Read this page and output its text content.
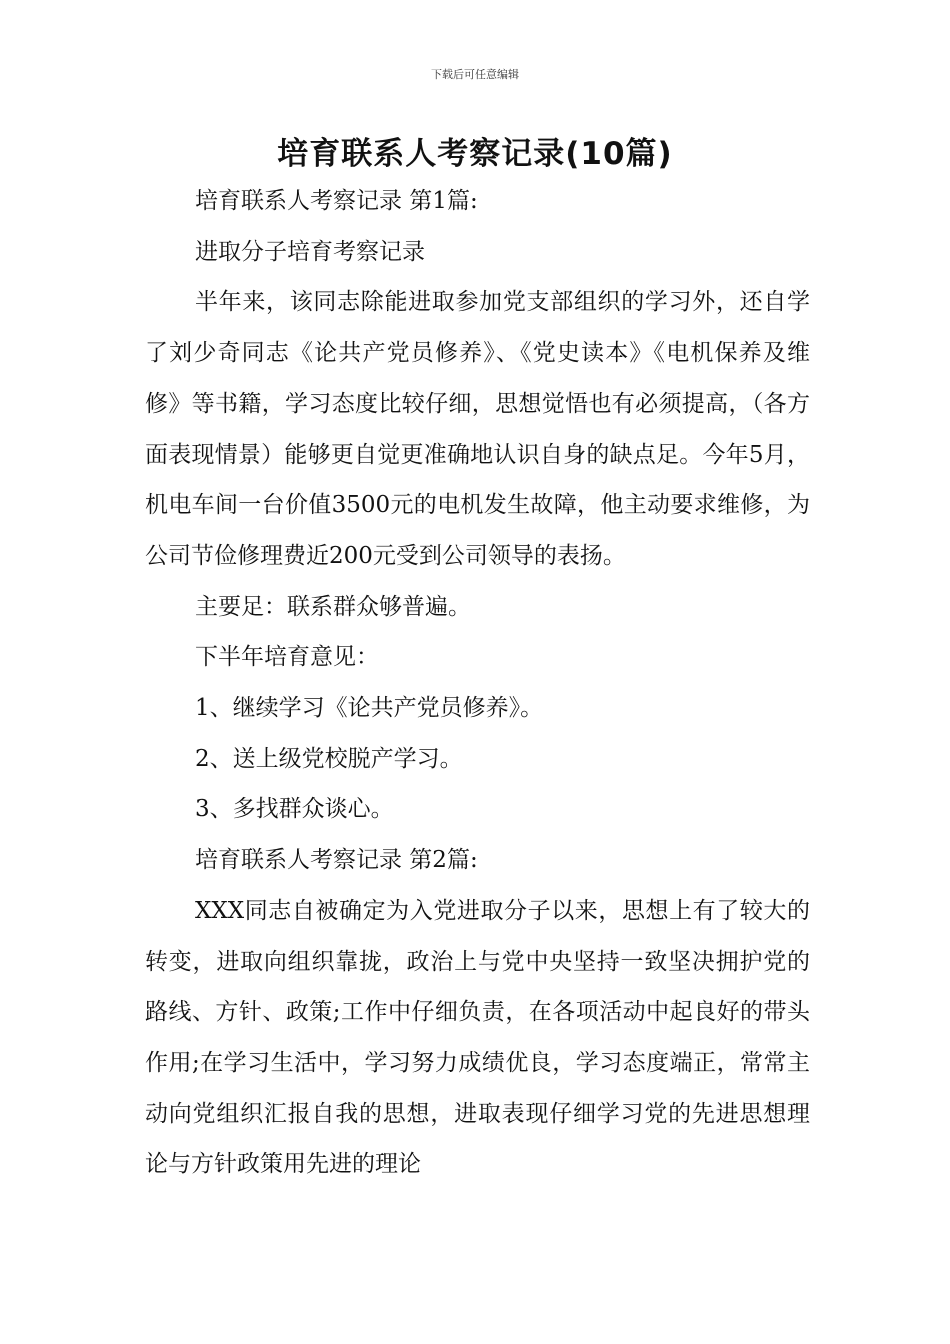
下载后可任意编辑
培育联系人考察记录(10篇)

培育联系人考察记录 第1篇:

进取分子培育考察记录

半年来，该同志除能进取参加党支部组织的学习外，还自学了刘少奇同志《论共产党员修养》、《党史读本》《电机保养及维修》等书籍，学习态度比较仔细，思想觉悟也有必须提高，（各方面表现情景）能够更自觉更准确地认识自身的缺点足。今年5月，机电车间一台价值3500元的电机发生故障，他主动要求维修，为公司节俭修理费近200元受到公司领导的表扬。

主要足：联系群众够普遍。

下半年培育意见：

1、继续学习《论共产党员修养》。

2、送上级党校脱产学习。

3、多找群众谈心。

培育联系人考察记录 第2篇:

XXX同志自被确定为入党进取分子以来，思想上有了较大的转变，进取向组织靠拢，政治上与党中央坚持一致坚决拥护党的路线、方针、政策;工作中仔细负责，在各项活动中起良好的带头作用;在学习生活中，学习努力成绩优良，学习态度端正，常常主动向党组织汇报自我的思想，进取表现仔细学习党的先进思想理论与方针政策用先进的理论
